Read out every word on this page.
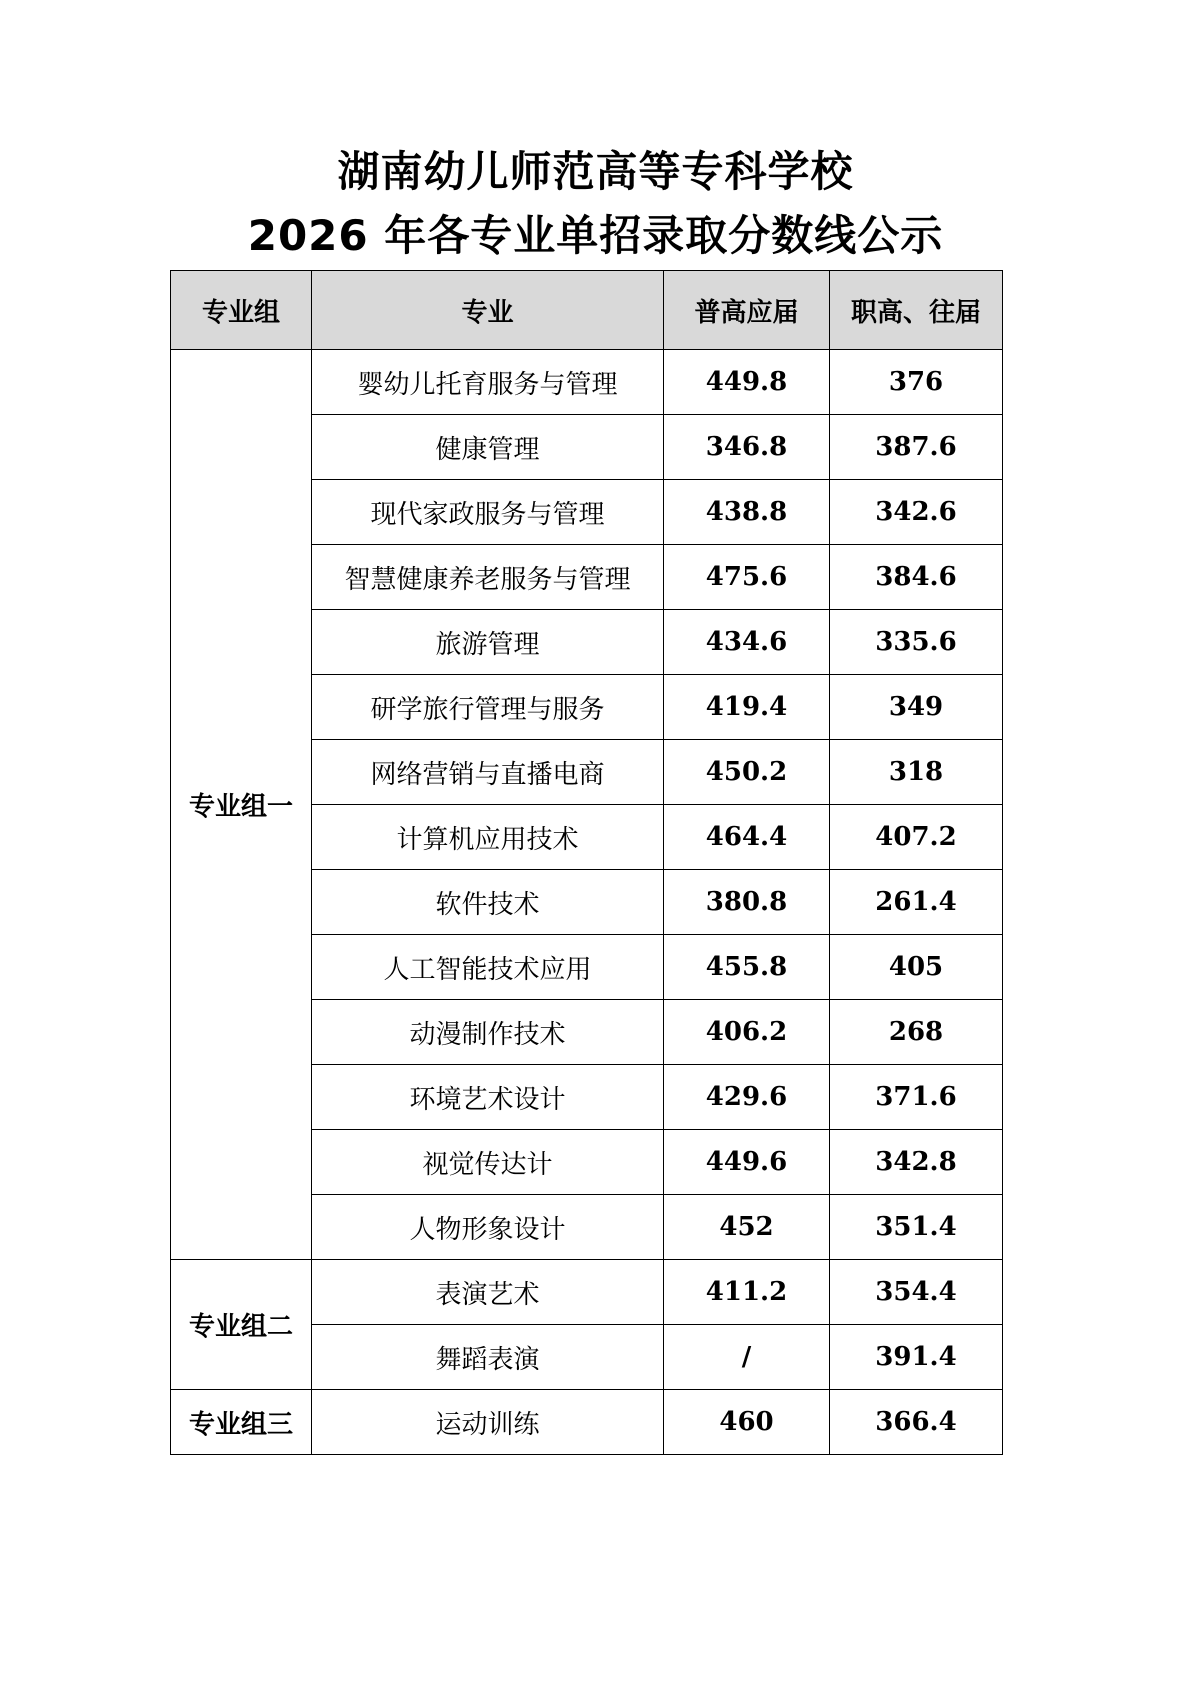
湖南幼儿师范高等专科学校
2026 年各专业单招录取分数线公示
专业组	专业	普高应届	职高、往届
专业组一	婴幼儿托育服务与管理	449.8	376
	健康管理	346.8	387.6
	现代家政服务与管理	438.8	342.6
	智慧健康养老服务与管理	475.6	384.6
	旅游管理	434.6	335.6
	研学旅行管理与服务	419.4	349
	网络营销与直播电商	450.2	318
	计算机应用技术	464.4	407.2
	软件技术	380.8	261.4
	人工智能技术应用	455.8	405
	动漫制作技术	406.2	268
	环境艺术设计	429.6	371.6
	视觉传达计	449.6	342.8
	人物形象设计	452	351.4
专业组二	表演艺术	411.2	354.4
	舞蹈表演	/	391.4
专业组三	运动训练	460	366.4
